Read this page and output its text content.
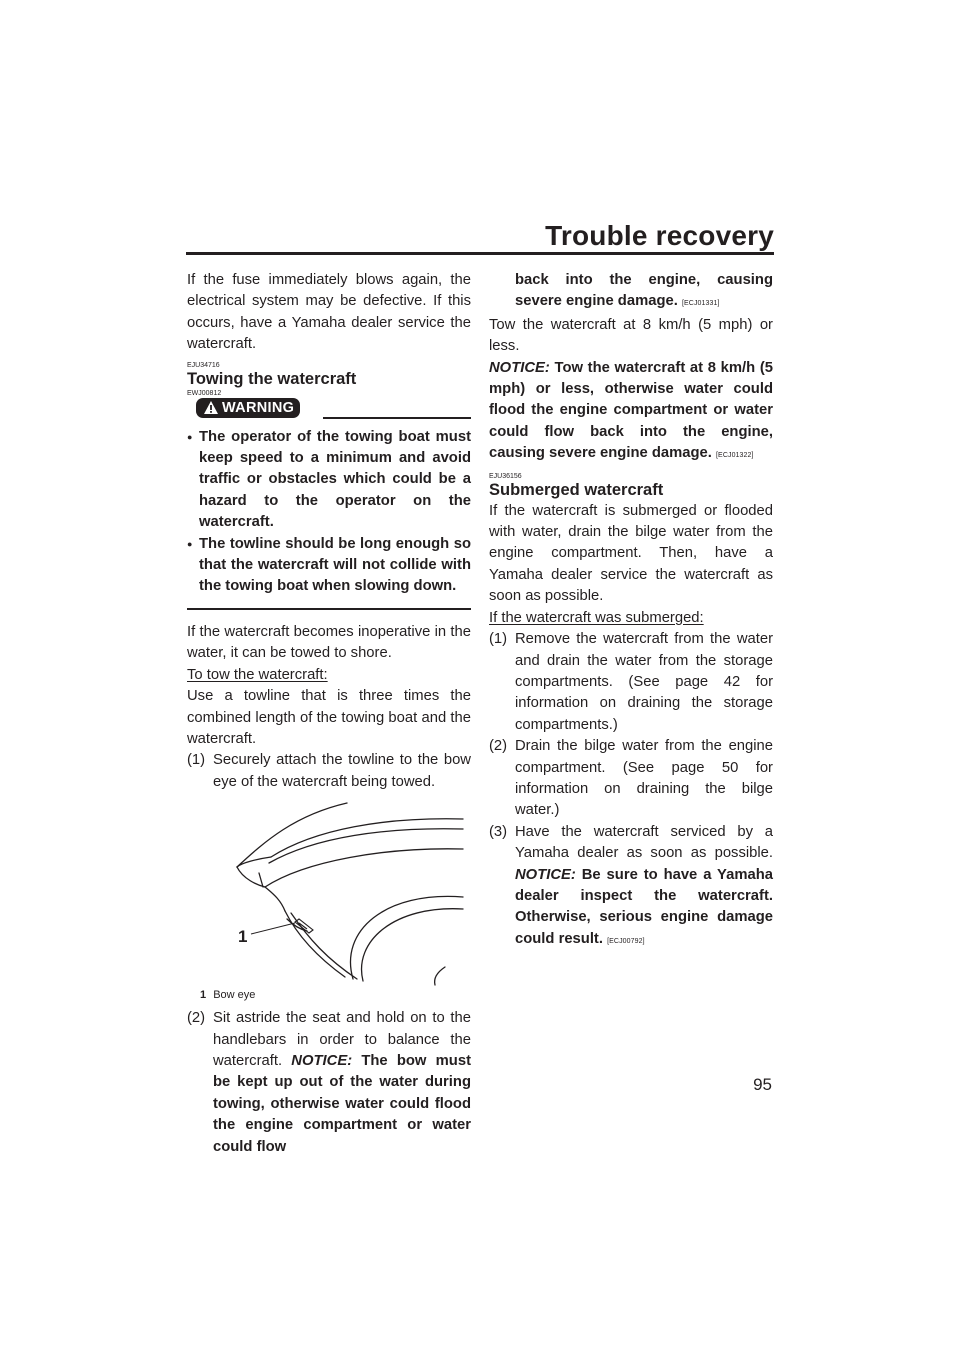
Trouble recovery

If the fuse immediately blows again, the electrical system may be defective. If this occurs, have a Yamaha dealer service the watercraft.

EJU34716
Towing the watercraft
EWJ00812
WARNING
● The operator of the towing boat must keep speed to a minimum and avoid traffic or obstacles which could be a hazard to the operator on the watercraft.
● The towline should be long enough so that the watercraft will not collide with the towing boat when slowing down.

If the watercraft becomes inoperative in the water, it can be towed to shore.

To tow the watercraft:

Use a towline that is three times the combined length of the towing boat and the watercraft.

(1) Securely attach the towline to the bow eye of the watercraft being towed.
1
1 Bow eye
(2) Sit astride the seat and hold on to the handlebars in order to balance the watercraft. NOTICE: The bow must be kept up out of the water during towing, otherwise water could flood the engine compartment or water could flow
back into the engine, causing severe engine damage. [ECJ01331]

Tow the watercraft at 8 km/h (5 mph) or less.

NOTICE: Tow the watercraft at 8 km/h (5 mph) or less, otherwise water could flood the engine compartment or water could flow back into the engine, causing severe engine damage. [ECJ01322]

EJU36156
Submerged watercraft

If the watercraft is submerged or flooded with water, drain the bilge water from the engine compartment. Then, have a Yamaha dealer service the watercraft as soon as possible.

If the watercraft was submerged:

(1) Remove the watercraft from the water and drain the water from the storage compartments. (See page 42 for information on draining the storage compartments.)
(2) Drain the bilge water from the engine compartment. (See page 50 for information on draining the bilge water.)
(3) Have the watercraft serviced by a Yamaha dealer as soon as possible. NOTICE: Be sure to have a Yamaha dealer inspect the watercraft. Otherwise, serious engine damage could result. [ECJ00792]
95
